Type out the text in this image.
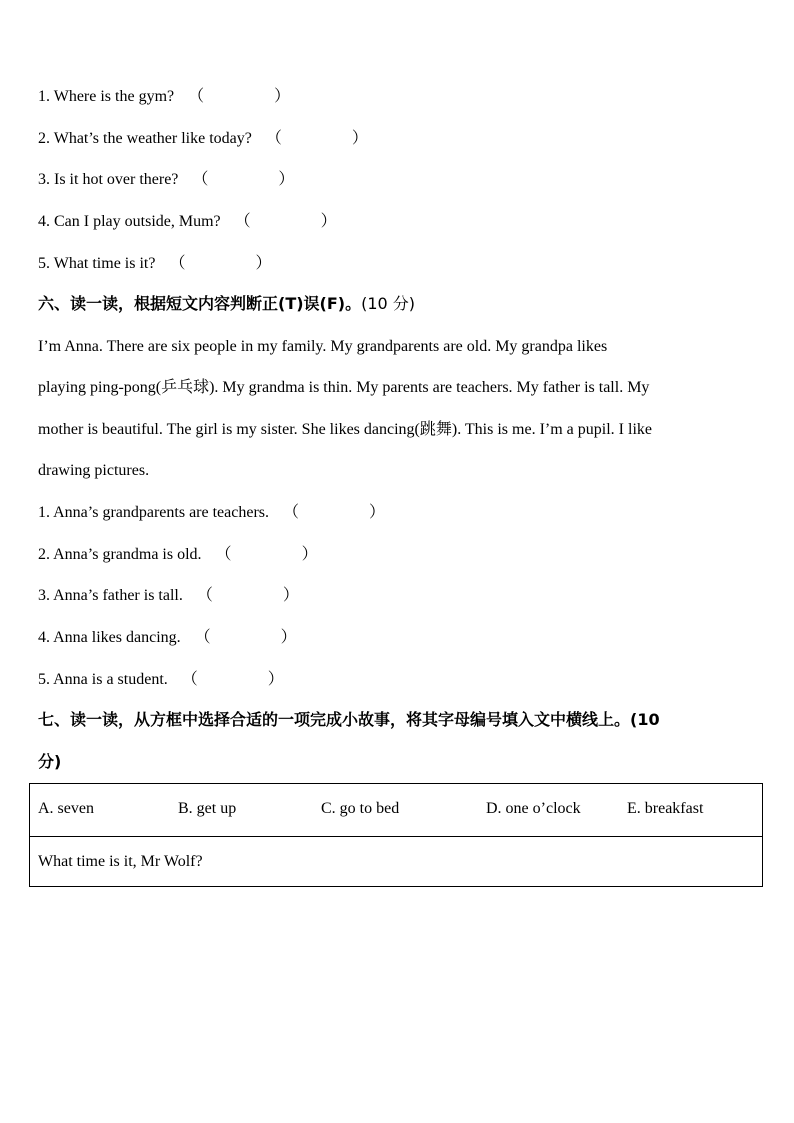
1. Where is the gym? （	）
2. What’s the weather like today? （	）
3. Is it hot over there? （	）
4. Can I play outside, Mum? （	）
5. What time is it? （	）
六、读一读，根据短文内容判断正(T)误(F)。(10 分)
I’m Anna. There are six people in my family. My grandparents are old. My grandpa likes
playing ping-pong(乒乓球). My grandma is thin. My parents are teachers. My father is tall. My
mother is beautiful. The girl is my sister. She likes dancing(跳舞). This is me. I’m a pupil. I like
drawing pictures.
1. Anna’s grandparents are teachers. （	）
2. Anna’s grandma is old. （	）
3. Anna’s father is tall. （	）
4. Anna likes dancing. （	）
5. Anna is a student. （	）
七、读一读，从方框中选择合适的一项完成小故事，将其字母编号填入文中横线上。(10
分)
A. seven	B. get up	C. go to bed	D. one o’clock	E. breakfast
What time is it, Mr Wolf?
